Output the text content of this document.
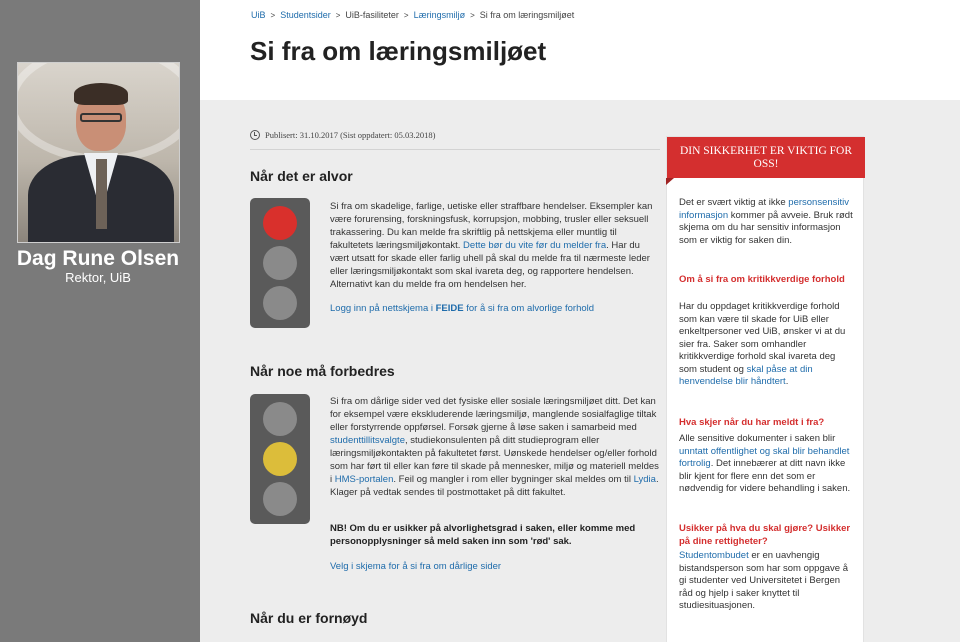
Dag Rune Olsen
Rektor, UiB
UiB > Studentsider > UiB-fasiliteter > Læringsmiljø > Si fra om læringsmiljøet
Si fra om læringsmiljøet
Publisert: 31.10.2017 (Sist oppdatert: 05.03.2018)
Når det er alvor

Si fra om skadelige, farlige, uetiske eller straffbare hendelser. Eksempler kan være forurensing, forskningsfusk, korrupsjon, mobbing, trusler eller seksuell trakassering. Du kan melde fra skriftlig på nettskjema eller muntlig til fakultetets læringsmiljøkontakt. Dette bør du vite før du melder fra. Har du vært utsatt for skade eller farlig uhell på skal du melde fra til nærmeste leder eller læringsmiljøkontakt som skal ivareta deg, og rapportere hendelsen. Alternativt kan du melde fra om hendelsen her.

Logg inn på nettskjema i FEIDE for å si fra om alvorlige forhold
Når noe må forbedres

Si fra om dårlige sider ved det fysiske eller sosiale læringsmiljøet ditt. Det kan for eksempel være ekskluderende læringsmiljø, manglende sosialfaglige tiltak eller forstyrrende oppførsel. Forsøk gjerne å løse saken i samarbeid med studenttillitsvalgte, studiekonsulenten på ditt studieprogram eller læringsmiljøkontakten på fakultetet først. Uønskede hendelser og/eller forhold som har ført til eller kan føre til skade på mennesker, miljø og materiell meldes i HMS-portalen. Feil og mangler i rom eller bygninger skal meldes om til Lydia. Klager på vedtak sendes til postmottaket på ditt fakultet.

NB! Om du er usikker på alvorlighetsgrad i saken, eller komme med personopplysninger så meld saken inn som 'rød' sak.

Velg i skjema for å si fra om dårlige sider
Når du er fornøyd
DIN SIKKERHET ER VIKTIG FOR OSS!

Det er svært viktig at ikke personsensitiv informasjon kommer på avveie. Bruk rødt skjema om du har sensitiv informasjon som er viktig for saken din.

Om å si fra om kritikkverdige forhold

Har du oppdaget kritikkverdige forhold som kan være til skade for UiB eller enkeltpersoner ved UiB, ønsker vi at du sier fra. Saker som omhandler kritikkverdige forhold skal ivareta deg som student og skal påse at din henvendelse blir håndtert.

Hva skjer når du har meldt i fra?

Alle sensitive dokumenter i saken blir unntatt offentlighet og skal blir behandlet fortrolig. Det innebærer at ditt navn ikke blir kjent for flere enn det som er nødvendig for videre behandling i saken.

Usikker på hva du skal gjøre? Usikker på dine rettigheter?

Studentombudet er en uavhengig bistandsperson som har som oppgave å gi studenter ved Universitetet i Bergen råd og hjelp i saker knyttet til studiesituasjonen.
